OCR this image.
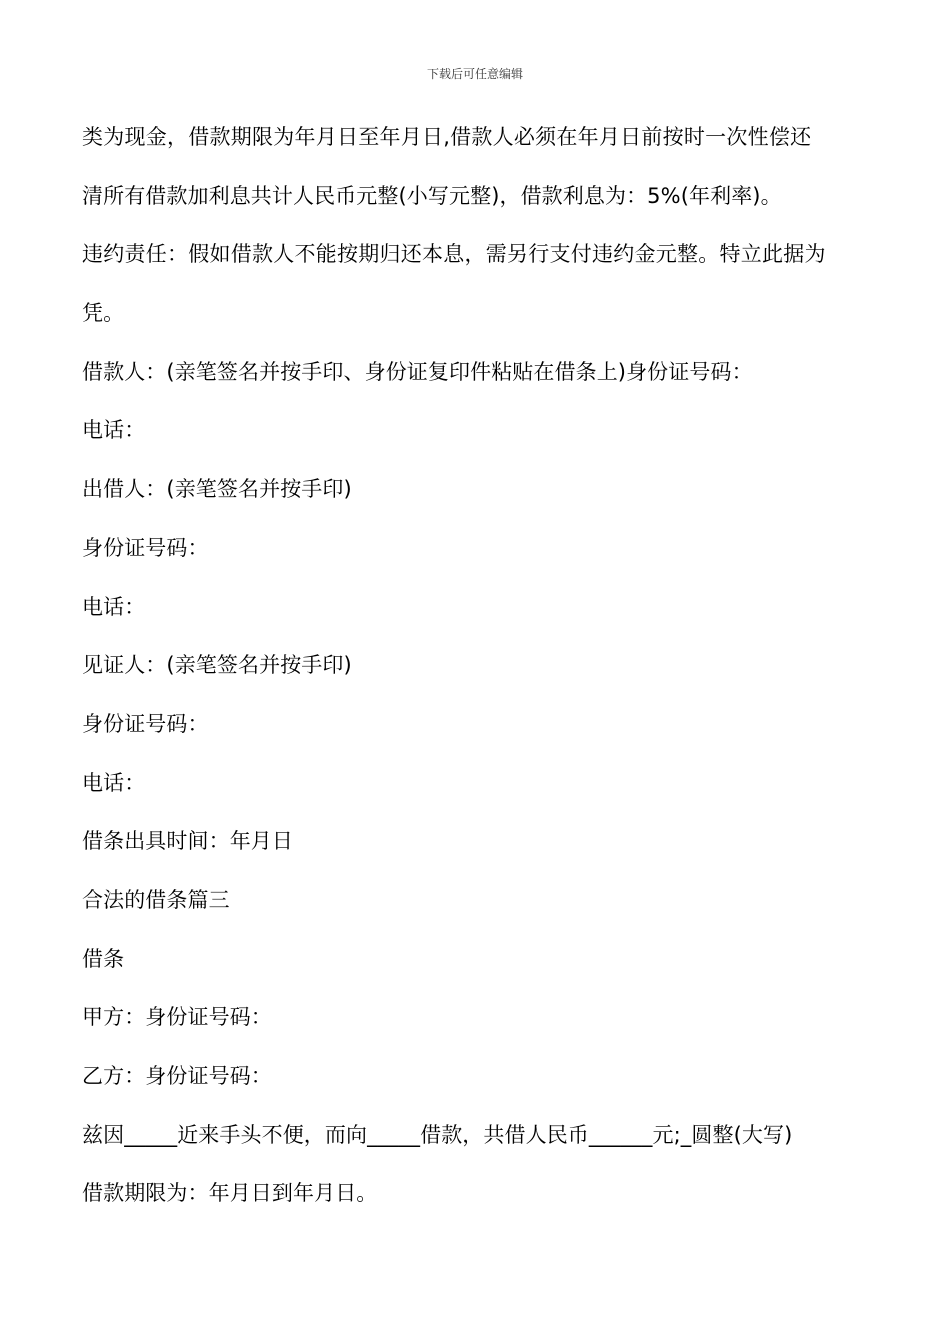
下载后可任意编辑
类为现金，借款期限为年月日至年月日,借款人必须在年月日前按时一次性偿还
清所有借款加利息共计人民币元整(小写元整)，借款利息为：5%(年利率)。
违约责任：假如借款人不能按期归还本息，需另行支付违约金元整。特立此据为
凭。
借款人：(亲笔签名并按手印、身份证复印件粘贴在借条上)身份证号码：
电话：
出借人：(亲笔签名并按手印)
身份证号码：
电话：
见证人：(亲笔签名并按手印)
身份证号码：
电话：
借条出具时间：年月日
合法的借条篇三
借条
甲方：身份证号码：
乙方：身份证号码：
兹因_____近来手头不便，而向_____借款，共借人民币______元;_圆整(大写)
借款期限为：年月日到年月日。
